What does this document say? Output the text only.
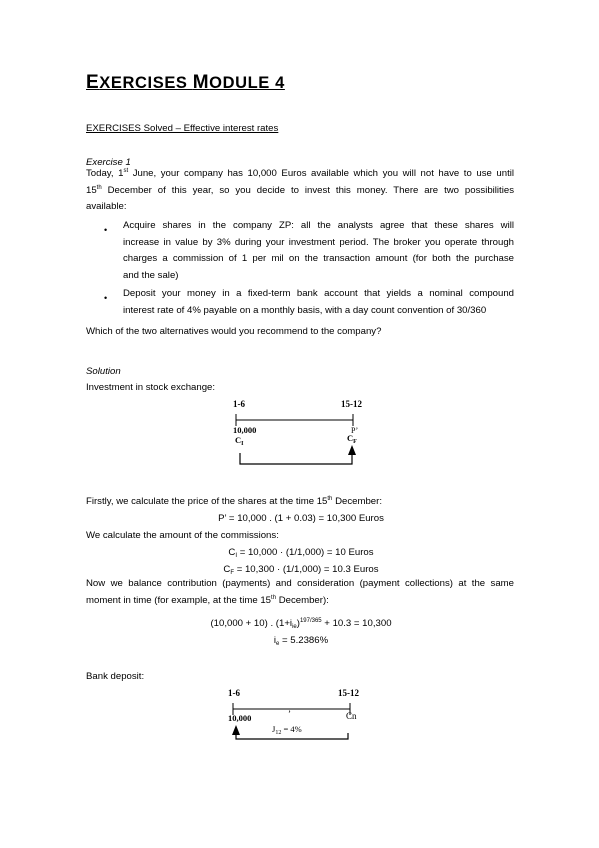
EXERCISES MODULE 4
EXERCISES Solved – Effective interest rates
Exercise 1
Today, 1st June, your company has 10,000 Euros available which you will not have to use until
15th December of this year, so you decide to invest this money. There are two possibilities
available:
• Acquire shares in the company ZP: all the analysts agree that these shares will
increase in value by 3% during your investment period. The broker you operate through
charges a commission of 1 per mil on the transaction amount (for both the purchase
and the sale)
• Deposit your money in a fixed-term bank account that yields a nominal compound
interest rate of 4% payable on a monthly basis, with a day count convention of 30/360
Which of the two alternatives would you recommend to the company?
Solution
Investment in stock exchange:
1-6	15-12
10,000	P’
$C_I$
$C_F$
Firstly, we calculate the price of the shares at the time 15th December:
P’ = 10,000 . (1 + 0.03) = 10,300 Euros
We calculate the amount of the commissions:
$C_I = 10,000 \cdot (1/1,000) = 10$ Euros
$C_F = 10,300 \cdot (1/1,000) = 10.3$ Euros
Now we balance contribution (payments) and consideration (payment collections) at the same
moment in time (for example, at the time 15th December):
(10,000 + 10) . $(1+i_{ie})^{197/365} + 10.3 = 10,300$
$i_e = 5.2386\%$
Bank deposit:
1-6	15-12
10,000	’	Cn
$J_{12} = 4\%$
